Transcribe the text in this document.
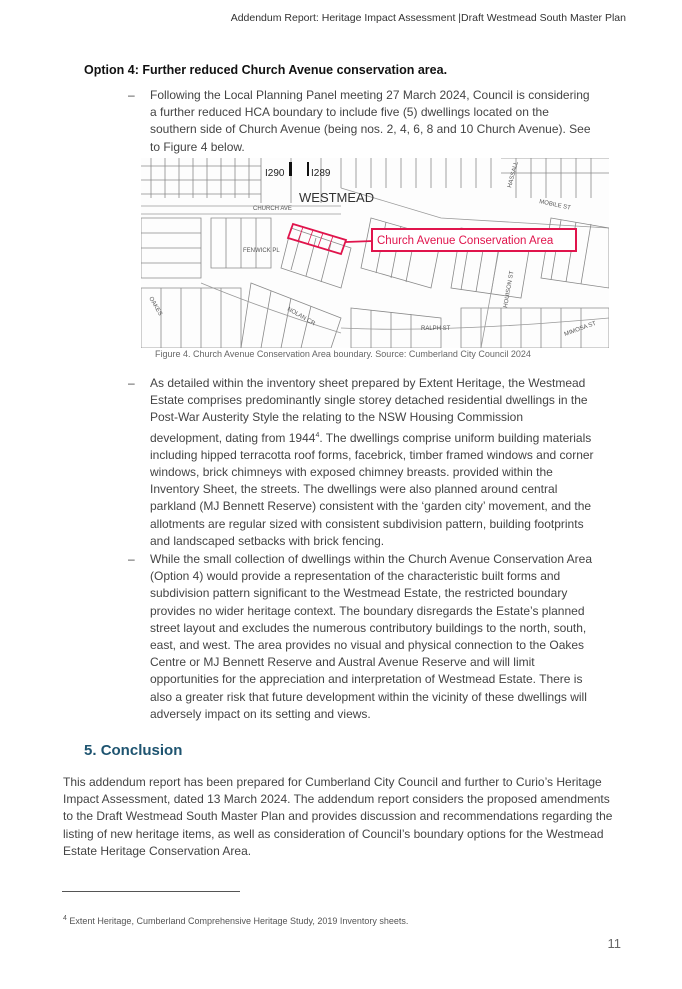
Addendum Report: Heritage Impact Assessment |Draft Westmead South Master Plan
Option 4: Further reduced Church Avenue conservation area.
– Following the Local Planning Panel meeting 27 March 2024, Council is considering a further reduced HCA boundary to include five (5) dwellings located on the southern side of Church Avenue (being nos. 2, 4, 6, 8 and 10 Church Avenue). See to Figure 4 below.
I290	I289
WESTMEAD
CHURCH AVE
FENWICK PL
NOLAN CR
RALPH ST
MOBILE ST
MIMOSA ST
HASSALL
HOUISON ST
OAKES
Church Avenue Conservation Area
Figure 4. Church Avenue Conservation Area boundary. Source: Cumberland City Council 2024
– As detailed within the inventory sheet prepared by Extent Heritage, the Westmead Estate comprises predominantly single storey detached residential dwellings in the Post-War Austerity Style the relating to the NSW Housing Commission development, dating from 1944$^4$. The dwellings comprise uniform building materials including hipped terracotta roof forms, facebrick, timber framed windows and corner windows, brick chimneys with exposed chimney breasts. provided within the Inventory Sheet, the streets. The dwellings were also planned around central parkland (MJ Bennett Reserve) consistent with the ‘garden city’ movement, and the allotments are regular sized with consistent subdivision pattern, building footprints and landscaped setbacks with brick fencing.
– While the small collection of dwellings within the Church Avenue Conservation Area (Option 4) would provide a representation of the characteristic built forms and subdivision pattern significant to the Westmead Estate, the restricted boundary provides no wider heritage context. The boundary disregards the Estate’s planned street layout and excludes the numerous contributory buildings to the north, south, east, and west. The area provides no visual and physical connection to the Oakes Centre or MJ Bennett Reserve and Austral Avenue Reserve and will limit opportunities for the appreciation and interpretation of Westmead Estate. There is also a greater risk that future development within the vicinity of these dwellings will adversely impact on its setting and views.
5. Conclusion
This addendum report has been prepared for Cumberland City Council and further to Curio’s Heritage Impact Assessment, dated 13 March 2024. The addendum report considers the proposed amendments to the Draft Westmead South Master Plan and provides discussion and recommendations regarding the listing of new heritage items, as well as consideration of Council’s boundary options for the Westmead Estate Heritage Conservation Area.
$^4$ Extent Heritage, Cumberland Comprehensive Heritage Study, 2019 Inventory sheets.
11
